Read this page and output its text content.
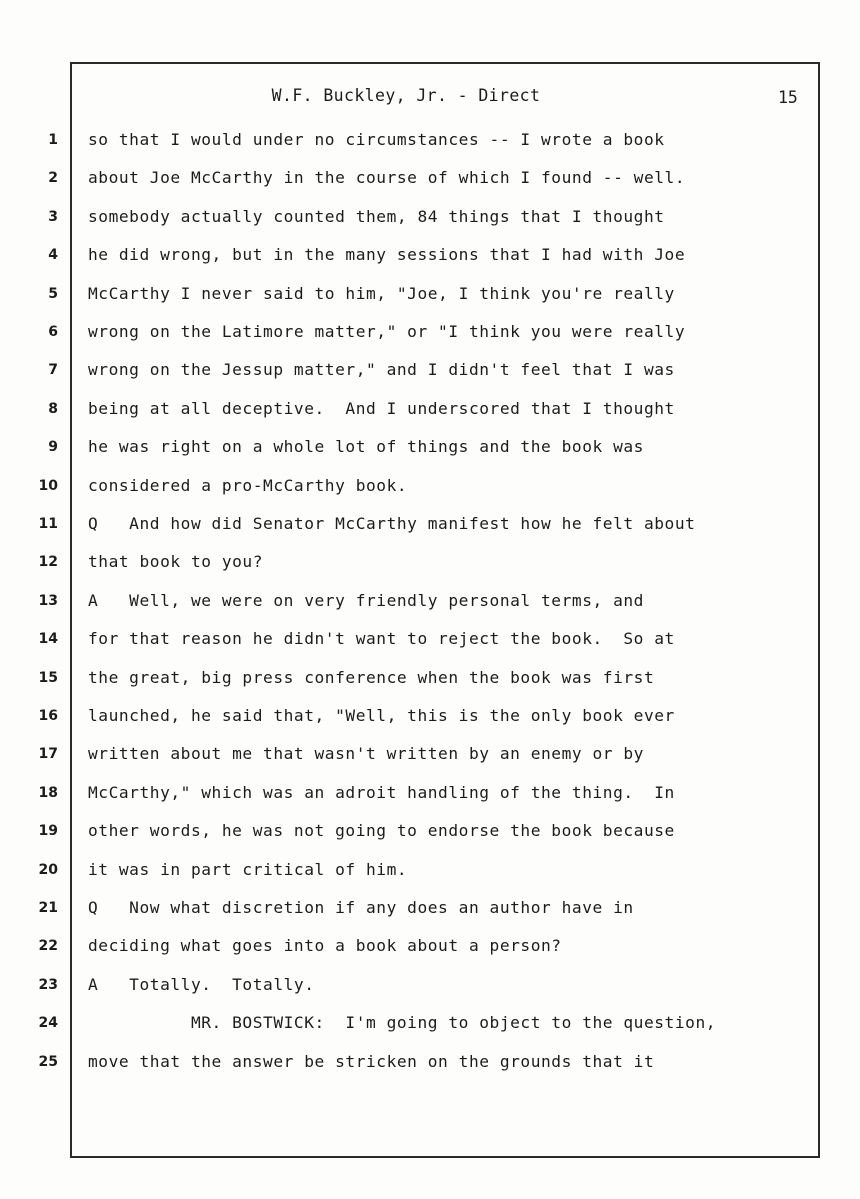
W.F. Buckley, Jr. - Direct	15
1 so that I would under no circumstances -- I wrote a book
2 about Joe McCarthy in the course of which I found -- well.
3 somebody actually counted them, 84 things that I thought
4 he did wrong, but in the many sessions that I had with Joe
5 McCarthy I never said to him, "Joe, I think you're really
6 wrong on the Latimore matter," or "I think you were really
7 wrong on the Jessup matter," and I didn't feel that I was
8 being at all deceptive.  And I underscored that I thought
9 he was right on a whole lot of things and the book was
10 considered a pro-McCarthy book.
11 Q   And how did Senator McCarthy manifest how he felt about
12 that book to you?
13 A   Well, we were on very friendly personal terms, and
14 for that reason he didn't want to reject the book.  So at
15 the great, big press conference when the book was first
16 launched, he said that, "Well, this is the only book ever
17 written about me that wasn't written by an enemy or by
18 McCarthy," which was an adroit handling of the thing.  In
19 other words, he was not going to endorse the book because
20 it was in part critical of him.
21 Q   Now what discretion if any does an author have in
22 deciding what goes into a book about a person?
23 A   Totally.  Totally.
24 MR. BOSTWICK:  I'm going to object to the question,
25 move that the answer be stricken on the grounds that it
